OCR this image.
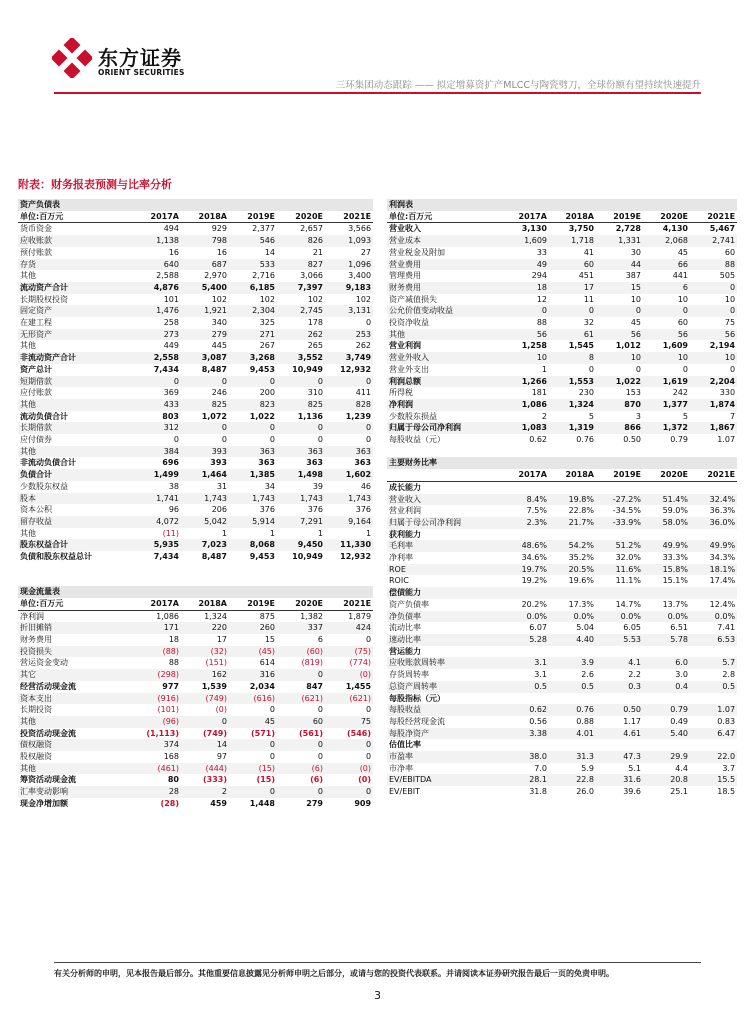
东方证券
ORIENT SECURITIES
三环集团动态跟踪 —— 拟定增募资扩产MLCC与陶瓷劈刀，全球份额有望持续快速提升
附表：财务报表预测与比率分析
资产负债表					
单位:百万元	2017A	2018A	2019E	2020E	2021E
货币资金	494	929	2,377	2,657	3,566
应收账款	1,138	798	546	826	1,093
预付账款	16	16	14	21	27
存货	640	687	533	827	1,096
其他	2,588	2,970	2,716	3,066	3,400
流动资产合计	4,876	5,400	6,185	7,397	9,183
长期股权投资	101	102	102	102	102
固定资产	1,476	1,921	2,304	2,745	3,131
在建工程	258	340	325	178	0
无形资产	273	279	271	262	253
其他	449	445	267	265	262
非流动资产合计	2,558	3,087	3,268	3,552	3,749
资产总计	7,434	8,487	9,453	10,949	12,932
短期借款	0	0	0	0	0
应付账款	369	246	200	310	411
其他	433	825	823	825	828
流动负债合计	803	1,072	1,022	1,136	1,239
长期借款	312	0	0	0	0
应付债券	0	0	0	0	0
其他	384	393	363	363	363
非流动负债合计	696	393	363	363	363
负债合计	1,499	1,464	1,385	1,498	1,602
少数股东权益	38	31	34	39	46
股本	1,741	1,743	1,743	1,743	1,743
资本公积	96	206	376	376	376
留存收益	4,072	5,042	5,914	7,291	9,164
其他	(11)	1	1	1	1
股东权益合计	5,935	7,023	8,068	9,450	11,330
负债和股东权益总计	7,434	8,487	9,453	10,949	12,932

现金流量表					
单位:百万元	2017A	2018A	2019E	2020E	2021E
净利润	1,086	1,324	875	1,382	1,879
折旧摊销	171	220	260	337	424
财务费用	18	17	15	6	0
投资损失	(88)	(32)	(45)	(60)	(75)
营运资金变动	88	(151)	614	(819)	(774)
其它	(298)	162	316	0	(0)
经营活动现金流	977	1,539	2,034	847	1,455
资本支出	(916)	(749)	(616)	(621)	(621)
长期投资	(101)	(0)	0	0	0
其他	(96)	0	45	60	75
投资活动现金流	(1,113)	(749)	(571)	(561)	(546)
债权融资	374	14	0	0	0
股权融资	168	97	0	0	0
其他	(461)	(444)	(15)	(6)	(0)
筹资活动现金流	80	(333)	(15)	(6)	(0)
汇率变动影响	28	2	0	0	0
现金净增加额	(28)	459	1,448	279	909
利润表					
单位:百万元	2017A	2018A	2019E	2020E	2021E
营业收入	3,130	3,750	2,728	4,130	5,467
营业成本	1,609	1,718	1,331	2,068	2,741
营业税金及附加	33	41	30	45	60
营业费用	49	60	44	66	88
管理费用	294	451	387	441	505
财务费用	18	17	15	6	0
资产减值损失	12	11	10	10	10
公允价值变动收益	0	0	0	0	0
投资净收益	88	32	45	60	75
其他	56	61	56	56	56
营业利润	1,258	1,545	1,012	1,609	2,194
营业外收入	10	8	10	10	10
营业外支出	1	0	0	0	0
利润总额	1,266	1,553	1,022	1,619	2,204
所得税	181	230	153	242	330
净利润	1,086	1,324	870	1,377	1,874
少数股东损益	2	5	3	5	7
归属于母公司净利润	1,083	1,319	866	1,372	1,867
每股收益（元）	0.62	0.76	0.50	0.79	1.07

主要财务比率					
	2017A	2018A	2019E	2020E	2021E
成长能力					
营业收入	8.4%	19.8%	-27.2%	51.4%	32.4%
营业利润	7.5%	22.8%	-34.5%	59.0%	36.3%
归属于母公司净利润	2.3%	21.7%	-33.9%	58.0%	36.0%
获利能力					
毛利率	48.6%	54.2%	51.2%	49.9%	49.9%
净利率	34.6%	35.2%	32.0%	33.3%	34.3%
ROE	19.7%	20.5%	11.6%	15.8%	18.1%
ROIC	19.2%	19.6%	11.1%	15.1%	17.4%
偿债能力					
资产负债率	20.2%	17.3%	14.7%	13.7%	12.4%
净负债率	0.0%	0.0%	0.0%	0.0%	0.0%
流动比率	6.07	5.04	6.05	6.51	7.41
速动比率	5.28	4.40	5.53	5.78	6.53
营运能力					
应收账款周转率	3.1	3.9	4.1	6.0	5.7
存货周转率	3.1	2.6	2.2	3.0	2.8
总资产周转率	0.5	0.5	0.3	0.4	0.5
每股指标（元）					
每股收益	0.62	0.76	0.50	0.79	1.07
每股经营现金流	0.56	0.88	1.17	0.49	0.83
每股净资产	3.38	4.01	4.61	5.40	6.47
估值比率					
市盈率	38.0	31.3	47.3	29.9	22.0
市净率	7.0	5.9	5.1	4.4	3.7
EV/EBITDA	28.1	22.8	31.6	20.8	15.5
EV/EBIT	31.8	26.0	39.6	25.1	18.5
有关分析师的申明，见本报告最后部分。其他重要信息披露见分析师申明之后部分，或请与您的投资代表联系。并请阅读本证券研究报告最后一页的免责申明。
3
